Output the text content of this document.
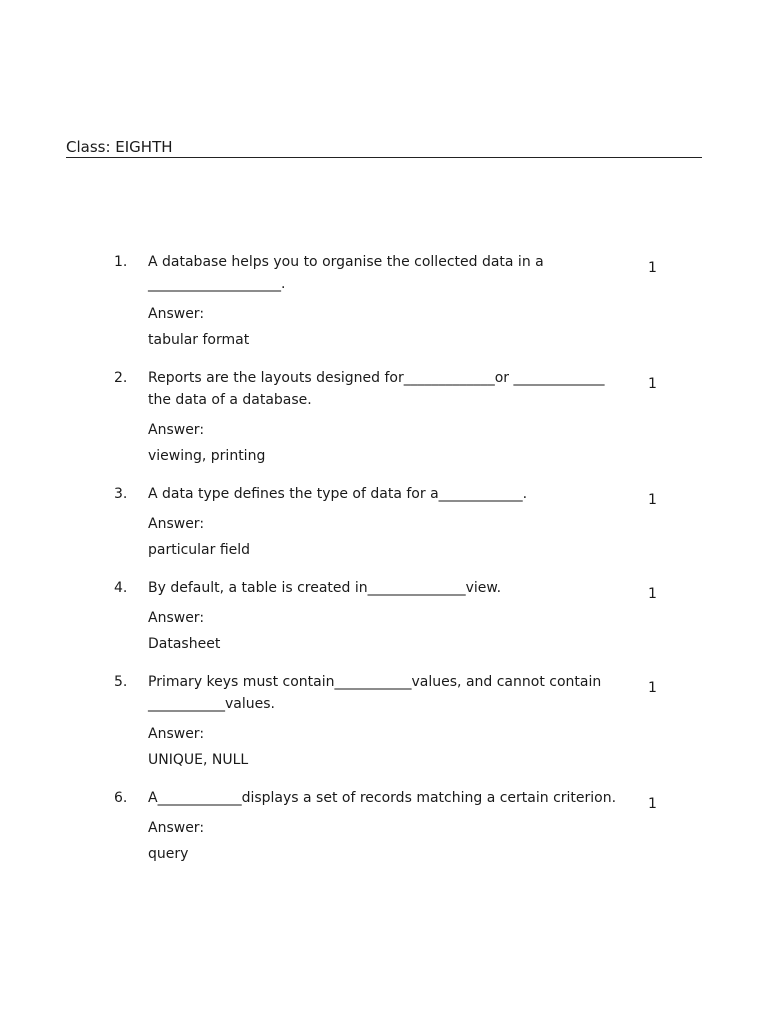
Class: EIGHTH
1. A database helps you to organise the collected data in a
___________________.
1
Answer:
tabular format
2. Reports are the layouts designed for_____________or _____________
the data of a database.
1
Answer:
viewing, printing
3. A data type defines the type of data for a____________.	1
Answer:
particular field
4. By default, a table is created in______________view.	1
Answer:
Datasheet
5. Primary keys must contain___________values, and cannot contain
___________values.
1
Answer:
UNIQUE, NULL
6. A____________displays a set of records matching a certain criterion. 1
Answer:
query
